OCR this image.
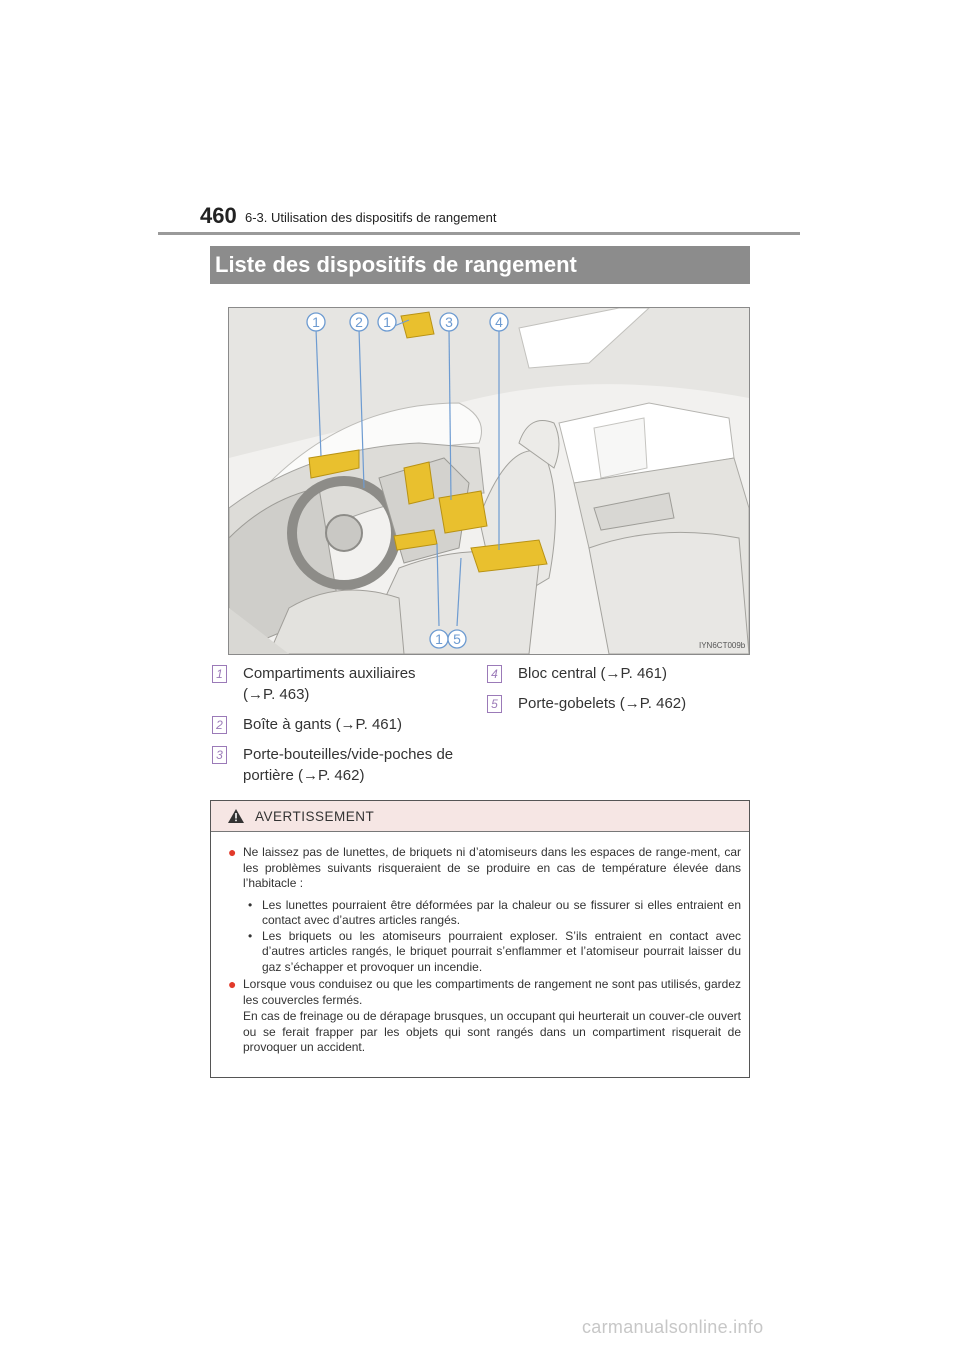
460 6-3. Utilisation des dispositifs de rangement
Liste des dispositifs de rangement
1	2 1	3	4
1 5	IYN6CT009b
1 Compartiments auxiliaires
(→P. 463)
2 Boîte à gants (→P. 461)
3 Porte-bouteilles/vide-poches de
portière (→P. 462)
4 Bloc central (→P. 461)
5 Porte-gobelets (→P. 462)
AVERTISSEMENT
● Ne laissez pas de lunettes, de briquets ni d’atomiseurs dans les espaces de range-ment, car les problèmes suivants risqueraient de se produire en cas de température élevée dans l’habitacle :
• Les lunettes pourraient être déformées par la chaleur ou se fissurer si elles entraient en contact avec d’autres articles rangés.
• Les briquets ou les atomiseurs pourraient exploser. S’ils entraient en contact avec d’autres articles rangés, le briquet pourrait s’enflammer et l’atomiseur pourrait laisser du gaz s’échapper et provoquer un incendie.
● Lorsque vous conduisez ou que les compartiments de rangement ne sont pas utilisés, gardez les couvercles fermés.
En cas de freinage ou de dérapage brusques, un occupant qui heurterait un couver-cle ouvert ou se ferait frapper par les objets qui sont rangés dans un compartiment risquerait de provoquer un accident.
carmanualsonline.info
